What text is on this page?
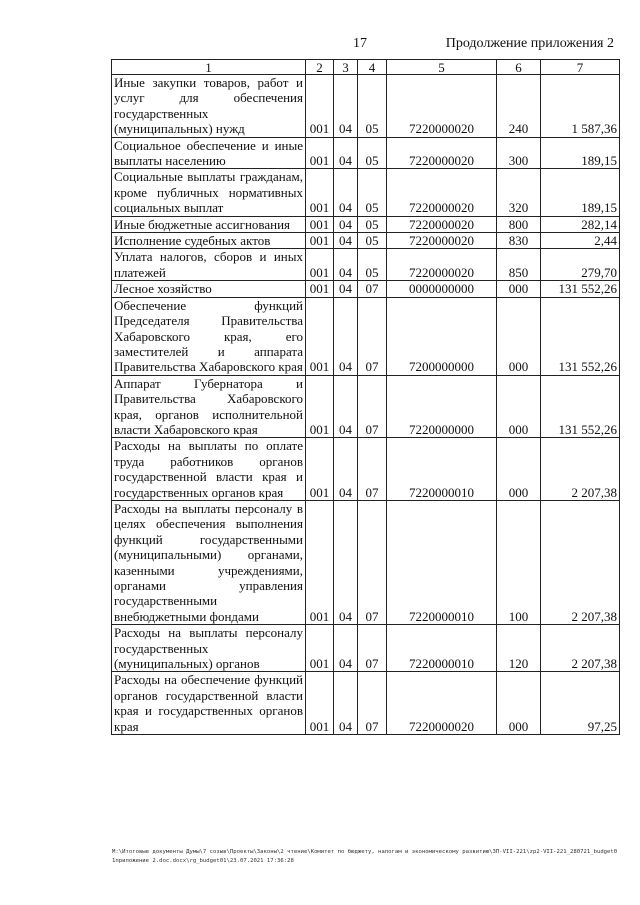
17	Продолжение приложения 2
1	2	3	4	5	6	7
Иные закупки товаров, работ и услуг для обеспечения государственных (муниципальных) нужд	001	04	05	7220000020	240	1 587,36
Социальное обеспечение и иные выплаты населению	001	04	05	7220000020	300	189,15
Социальные выплаты гражданам, кроме публичных нормативных социальных выплат	001	04	05	7220000020	320	189,15
Иные бюджетные ассигнования	001	04	05	7220000020	800	282,14
Исполнение судебных актов	001	04	05	7220000020	830	2,44
Уплата налогов, сборов и иных платежей	001	04	05	7220000020	850	279,70
Лесное хозяйство	001	04	07	0000000000	000	131 552,26
Обеспечение функций Председателя Правительства Хабаровского края, его заместителей и аппарата Правительства Хабаровского края	001	04	07	7200000000	000	131 552,26
Аппарат Губернатора и Правительства Хабаровского края, органов исполнительной власти Хабаровского края	001	04	07	7220000000	000	131 552,26
Расходы на выплаты по оплате труда работников органов государственной власти края и государственных органов края	001	04	07	7220000010	000	2 207,38
Расходы на выплаты персоналу в целях обеспечения выполнения функций государственными (муниципальными) органами, казенными учреждениями, органами управления государственными внебюджетными фондами	001	04	07	7220000010	100	2 207,38
Расходы на выплаты персоналу государственных (муниципальных) органов	001	04	07	7220000010	120	2 207,38
Расходы на обеспечение функций органов государственной власти края и государственных органов края	001	04	07	7220000020	000	97,25
M:\Итоговые документы Думы\7 созыв\Проекты\Законы\2 чтение\Комитет по бюджету, налогам и экономическому развитию\ЗП-VII-221\zp2-VII-221_280721_budget01приложение 2.doc.docx\rg_budget01\23.07.2021 17:36:28
